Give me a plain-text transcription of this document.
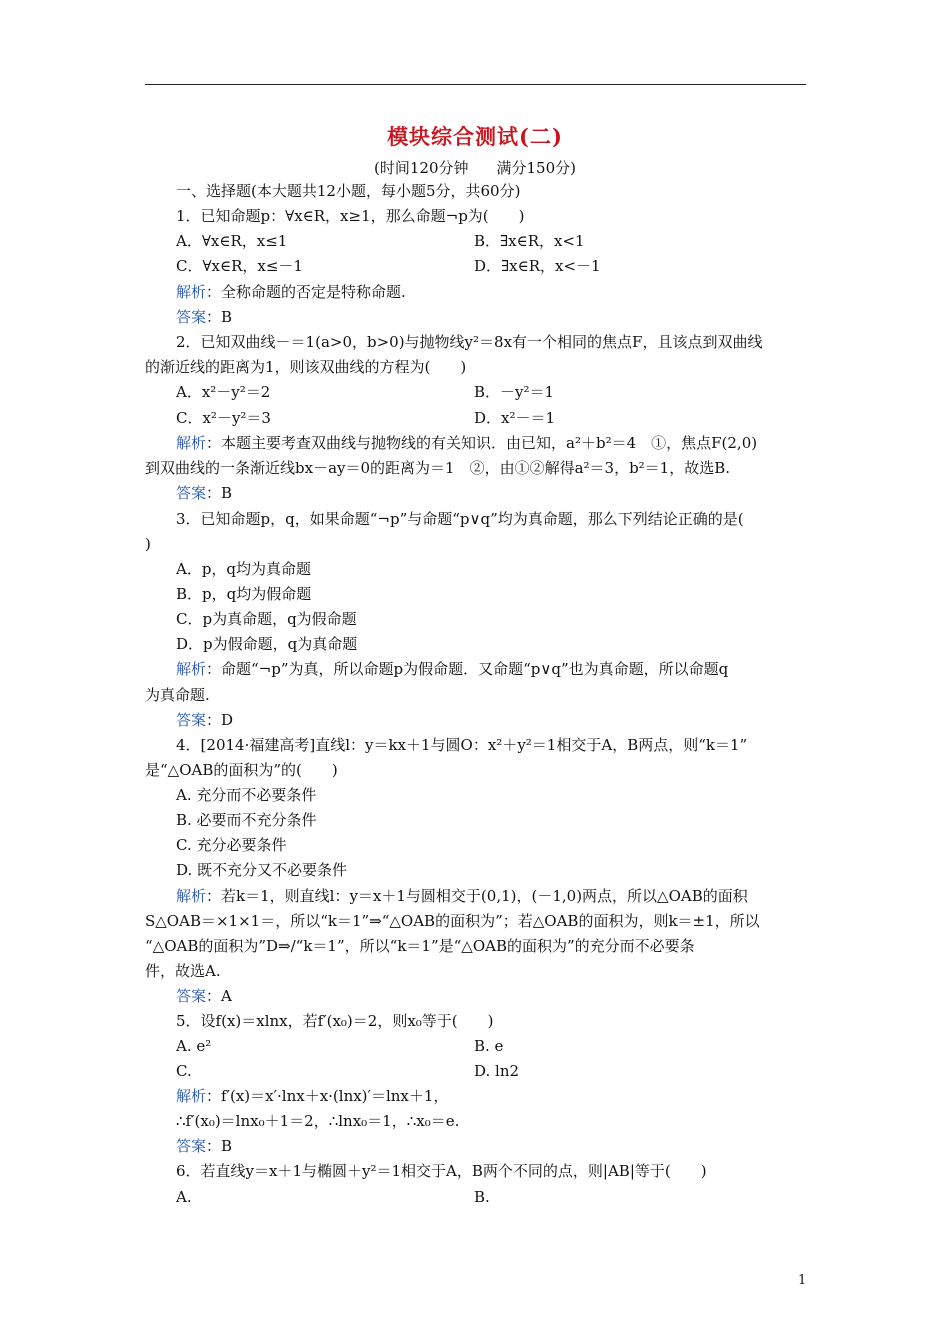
模块综合测试(二)
(时间120分钟 满分150分)
一、选择题(本大题共12小题，每小题5分，共60分)
1．已知命题p：∀x∈R，x≥1，那么命题¬p为(　　)
A．∀x∈R，x≤1	B．∃x∈R，x<1
C．∀x∈R，x≤－1	D．∃x∈R，x<－1
解析：全称命题的否定是特称命题.
答案：B
2．已知双曲线－＝1(a>0，b>0)与抛物线y²＝8x有一个相同的焦点F，且该点到双曲线
的渐近线的距离为1，则该双曲线的方程为(　　)
A．x²－y²＝2	B．－y²＝1
C．x²－y²＝3	D．x²－＝1
解析：本题主要考查双曲线与抛物线的有关知识．由已知，a²＋b²＝4　①，焦点F(2,0)
到双曲线的一条渐近线bx－ay＝0的距离为＝1　②，由①②解得a²＝3，b²＝1，故选B.
答案：B
3．已知命题p，q，如果命题“¬p”与命题“p∨q”均为真命题，那么下列结论正确的是(
)
A．p，q均为真命题
B．p，q均为假命题
C．p为真命题，q为假命题
D．p为假命题，q为真命题
解析：命题“¬p”为真，所以命题p为假命题．又命题“p∨q”也为真命题，所以命题q
为真命题.
答案：D
4．[2014·福建高考]直线l：y＝kx＋1与圆O：x²＋y²＝1相交于A，B两点，则“k＝1”
是“△OAB的面积为”的(　　)
A. 充分而不必要条件
B. 必要而不充分条件
C. 充分必要条件
D. 既不充分又不必要条件
解析：若k＝1，则直线l：y＝x＋1与圆相交于(0,1)，(－1,0)两点，所以△OAB的面积
S△OAB＝×1×1＝，所以“k＝1”⇒“△OAB的面积为”；若△OAB的面积为，则k＝±1，所以
“△OAB的面积为”D⇒/“k＝1”，所以“k＝1”是“△OAB的面积为”的充分而不必要条
件，故选A.
答案：A
5．设f(x)＝xlnx，若f′(x₀)＝2，则x₀等于(　　)
A. e²	B. e
C.	D. ln2
解析：f′(x)＝x′·lnx＋x·(lnx)′＝lnx＋1，
∴f′(x₀)＝lnx₀＋1＝2，∴lnx₀＝1，∴x₀＝e.
答案：B
6．若直线y＝x＋1与椭圆＋y²＝1相交于A，B两个不同的点，则|AB|等于(　　)
A.	B.
1
